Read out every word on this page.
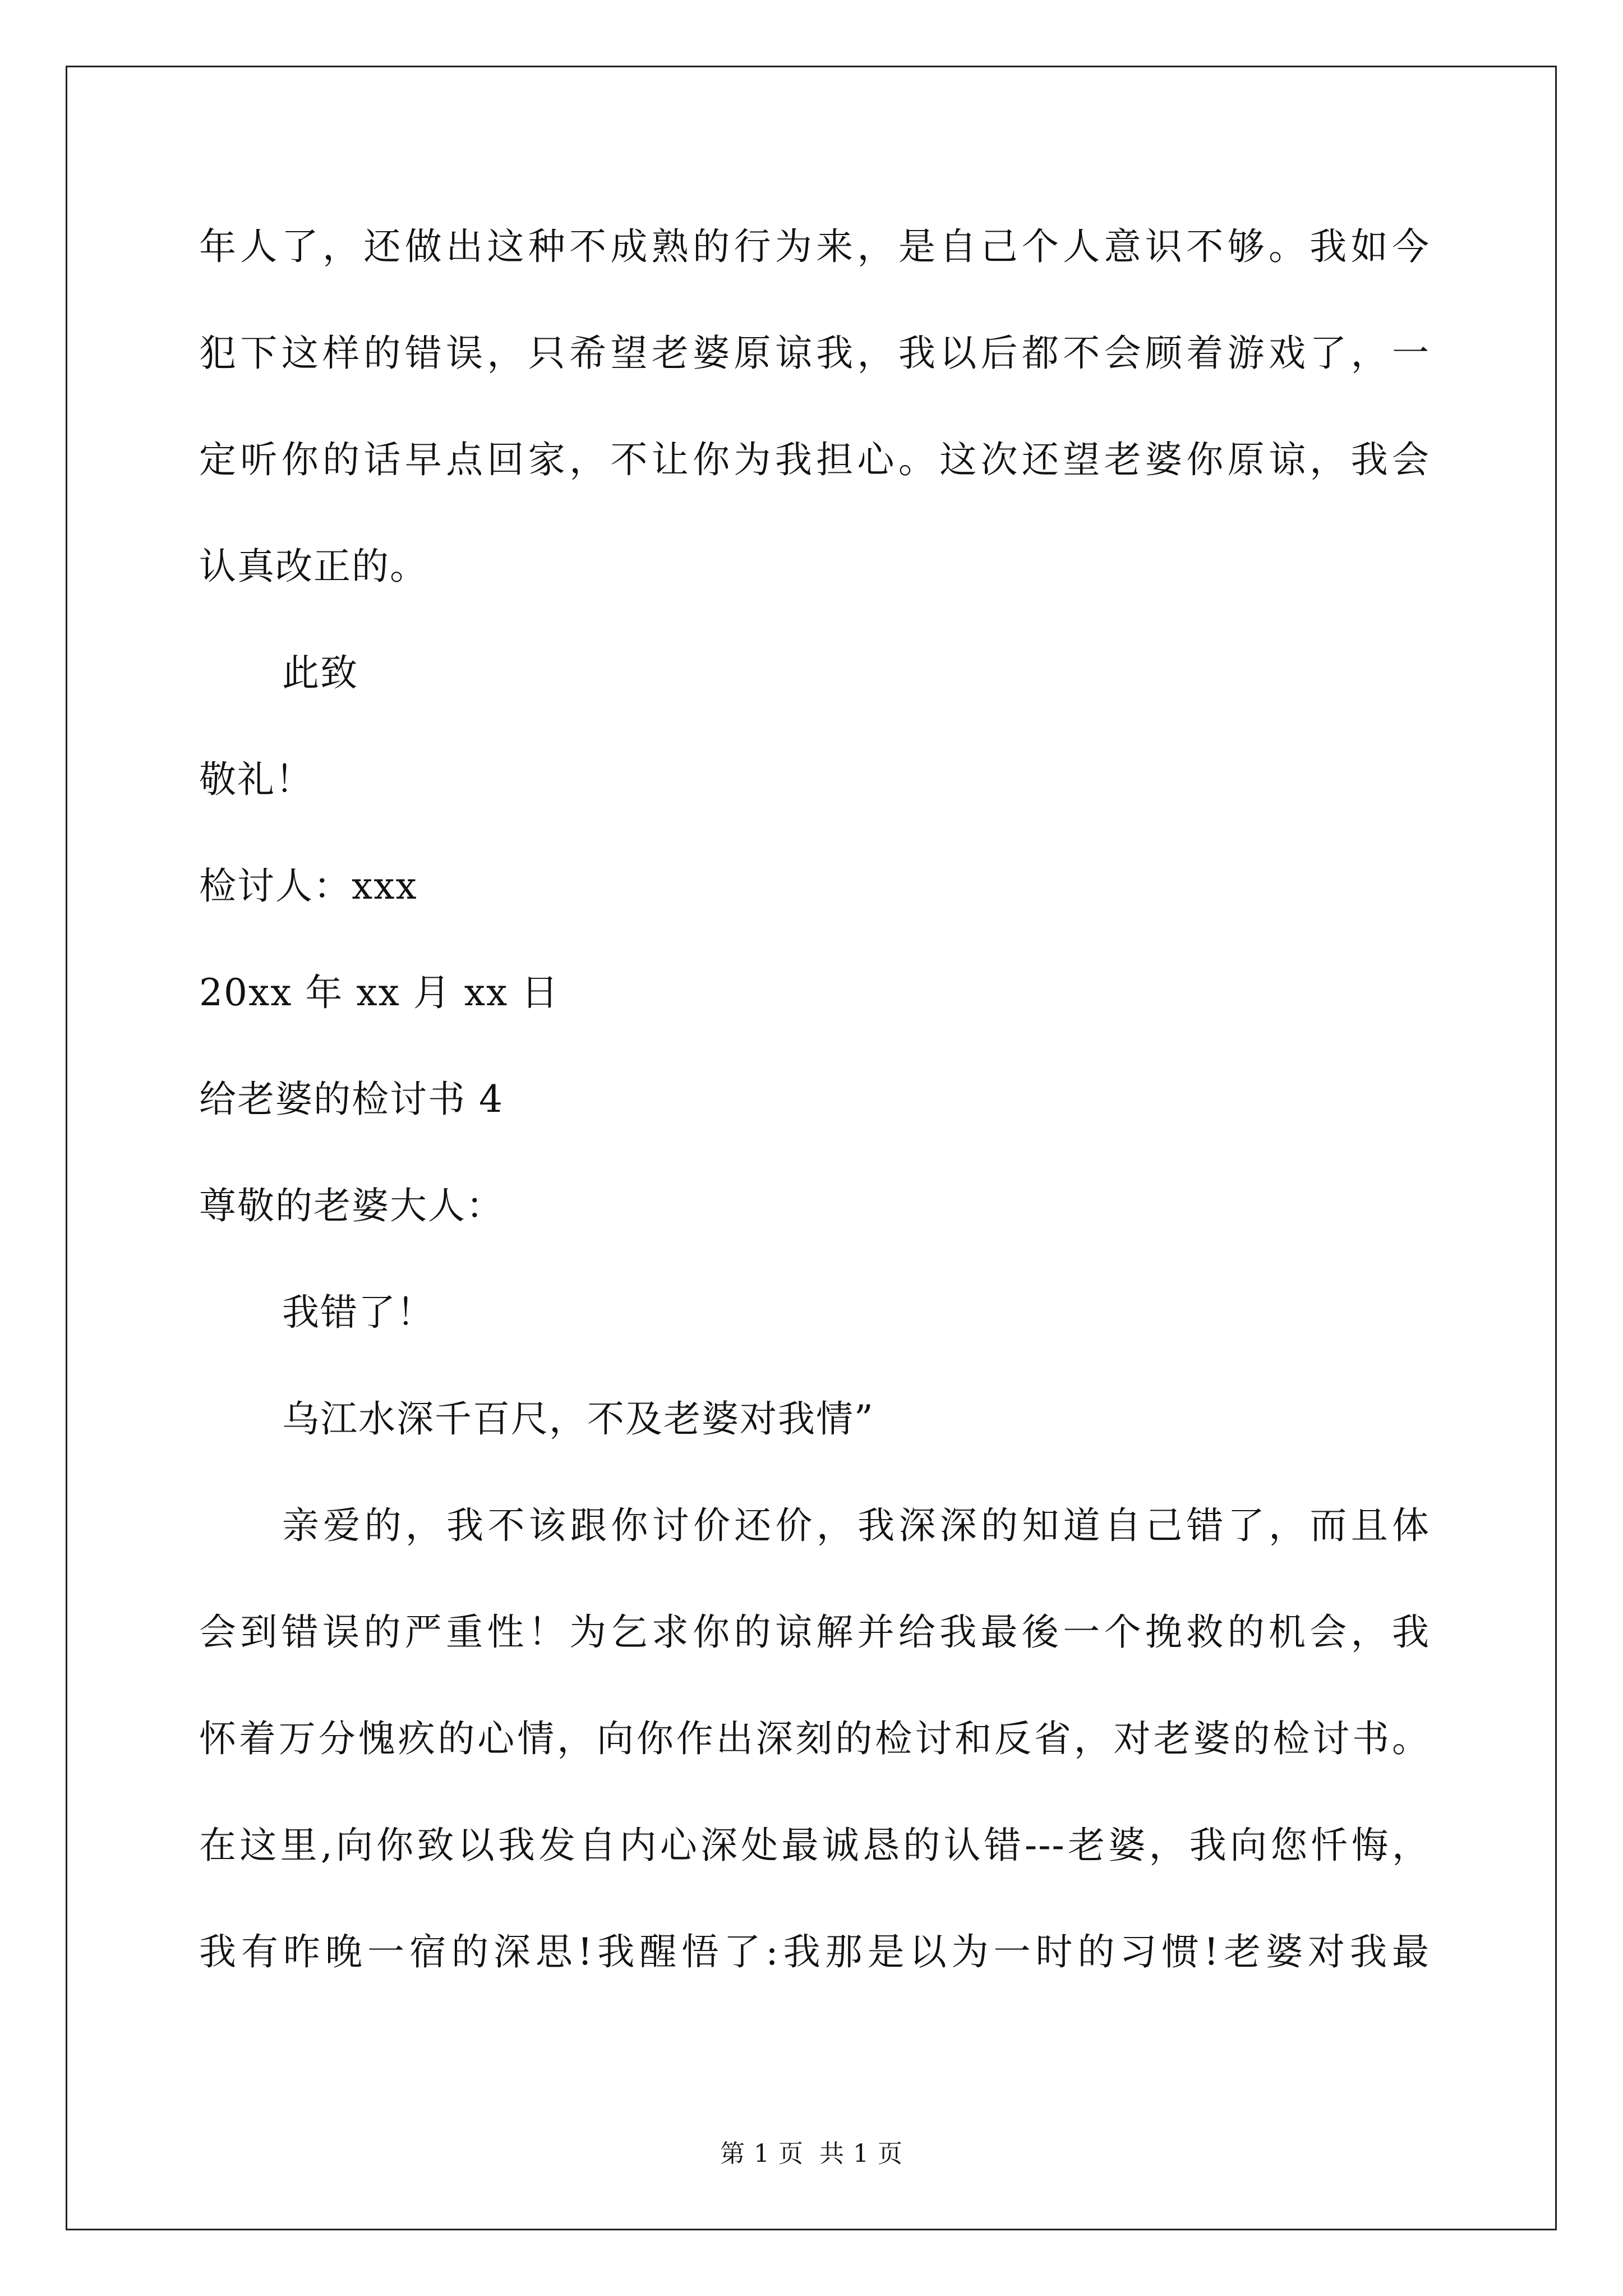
年人了，还做出这种不成熟的行为来，是自己个人意识不够。我如今
犯下这样的错误，只希望老婆原谅我，我以后都不会顾着游戏了，一
定听你的话早点回家，不让你为我担心。这次还望老婆你原谅，我会
认真改正的。
此致
敬礼！
检讨人：xxx
20xx 年 xx 月 xx 日
给老婆的检讨书 4
尊敬的老婆大人：
我错了！
乌江水深千百尺，不及老婆对我情”
亲爱的，我不该跟你讨价还价，我深深的知道自己错了，而且体
会到错误的严重性！为乞求你的谅解并给我最後一个挽救的机会，我
怀着万分愧疚的心情，向你作出深刻的检讨和反省，对老婆的检讨书。
在这里,向你致以我发自内心深处最诚恳的认错---老婆，我向您忏悔，
我有昨晚一宿的深思!我醒悟了:我那是以为一时的习惯!老婆对我最
第 1 页 共 1 页
